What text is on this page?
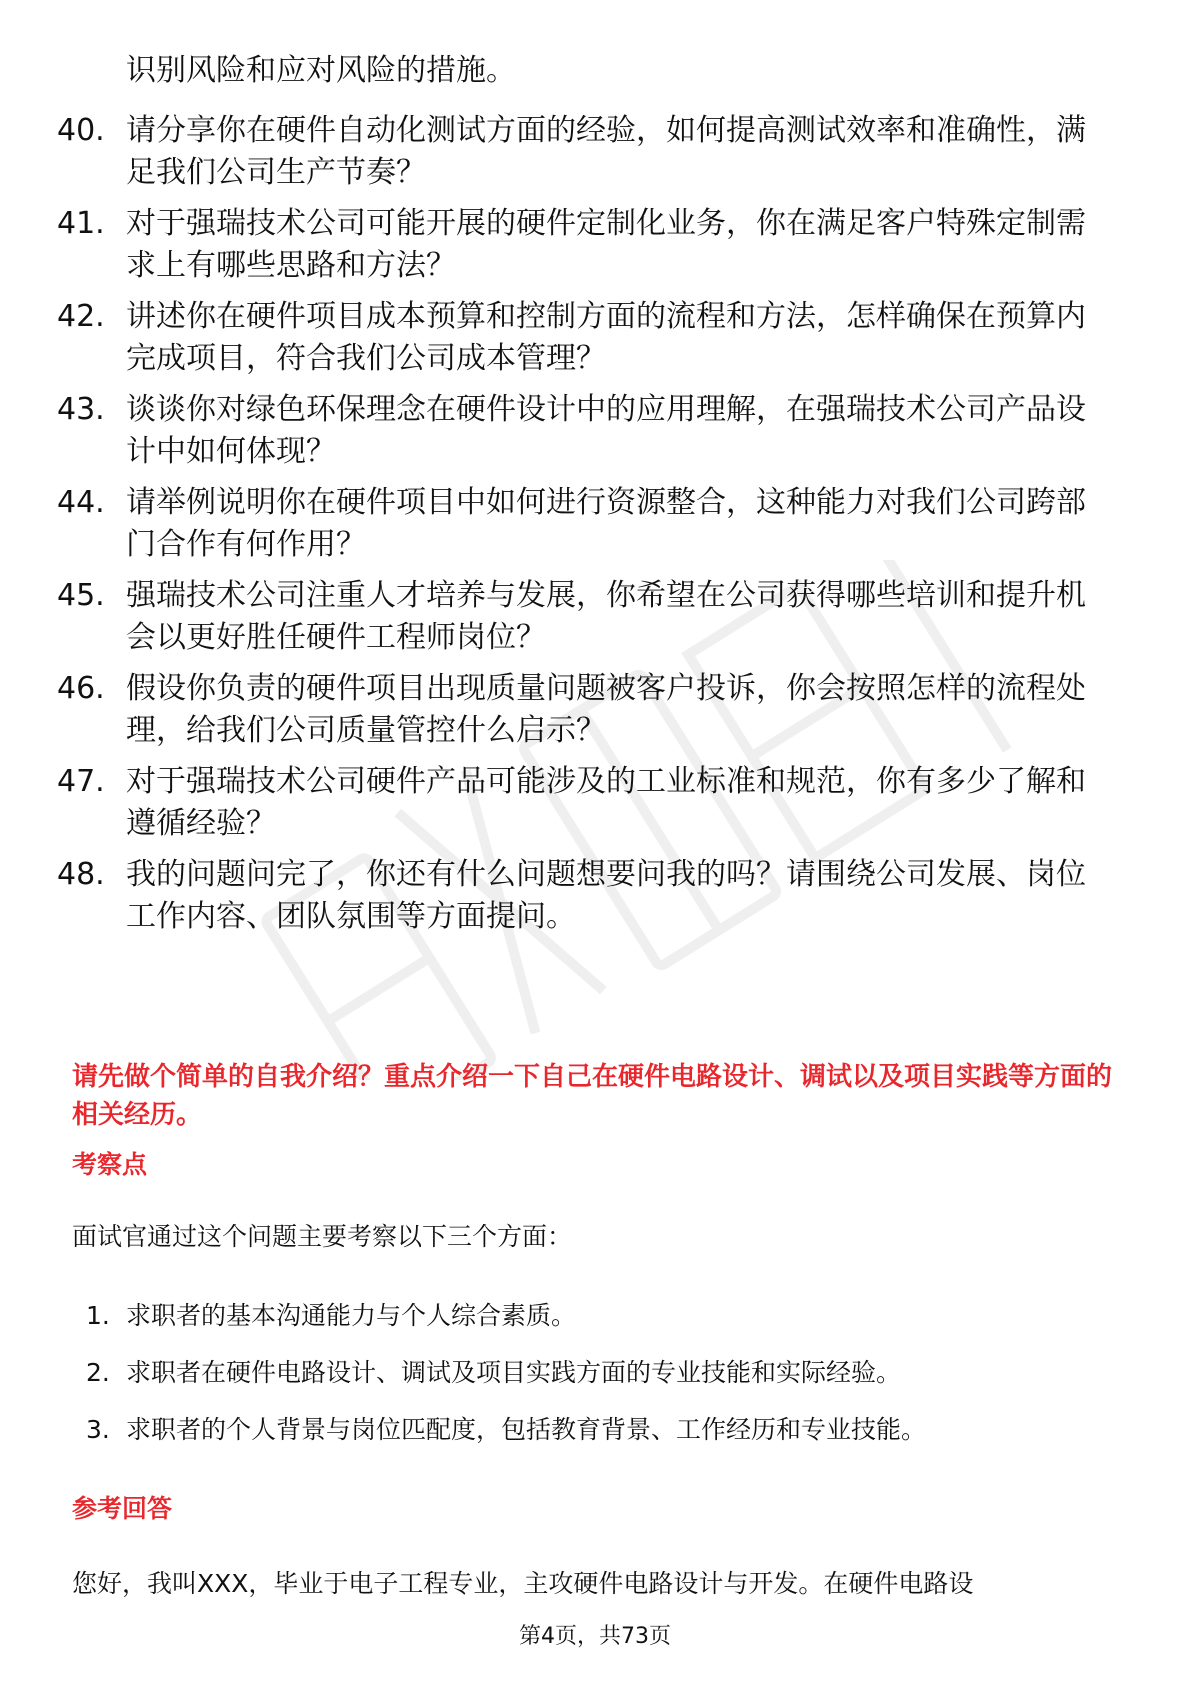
识别风险和应对风险的措施。
40. 请分享你在硬件自动化测试方面的经验，如何提高测试效率和准确性，满足我们公司生产节奏？
41. 对于强瑞技术公司可能开展的硬件定制化业务，你在满足客户特殊定制需求上有哪些思路和方法？
42. 讲述你在硬件项目成本预算和控制方面的流程和方法，怎样确保在预算内完成项目，符合我们公司成本管理？
43. 谈谈你对绿色环保理念在硬件设计中的应用理解，在强瑞技术公司产品设计中如何体现？
44. 请举例说明你在硬件项目中如何进行资源整合，这种能力对我们公司跨部门合作有何作用？
45. 强瑞技术公司注重人才培养与发展，你希望在公司获得哪些培训和提升机会以更好胜任硬件工程师岗位？
46. 假设你负责的硬件项目出现质量问题被客户投诉，你会按照怎样的流程处理，给我们公司质量管控什么启示？
47. 对于强瑞技术公司硬件产品可能涉及的工业标准和规范，你有多少了解和遵循经验？
48. 我的问题问完了，你还有什么问题想要问我的吗？请围绕公司发展、岗位工作内容、团队氛围等方面提问。
请先做个简单的自我介绍？重点介绍一下自己在硬件电路设计、调试以及项目实践等方面的相关经历。
考察点
面试官通过这个问题主要考察以下三个方面：
1. 求职者的基本沟通能力与个人综合素质。
2. 求职者在硬件电路设计、调试及项目实践方面的专业技能和实际经验。
3. 求职者的个人背景与岗位匹配度，包括教育背景、工作经历和专业技能。
参考回答
您好，我叫XXX，毕业于电子工程专业，主攻硬件电路设计与开发。在硬件电路设
第4页，共73页
